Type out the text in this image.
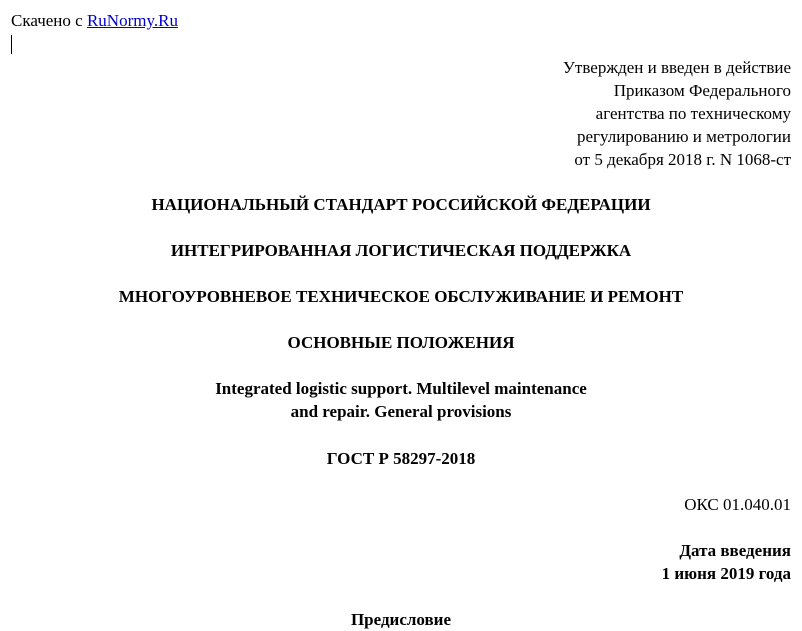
Скачено с RuNormy.Ru
Утвержден и введен в действие
Приказом Федерального
агентства по техническому
регулированию и метрологии
от 5 декабря 2018 г. N 1068-ст
НАЦИОНАЛЬНЫЙ СТАНДАРТ РОССИЙСКОЙ ФЕДЕРАЦИИ
ИНТЕГРИРОВАННАЯ ЛОГИСТИЧЕСКАЯ ПОДДЕРЖКА
МНОГОУРОВНЕВОЕ ТЕХНИЧЕСКОЕ ОБСЛУЖИВАНИЕ И РЕМОНТ
ОСНОВНЫЕ ПОЛОЖЕНИЯ
Integrated logistic support. Multilevel maintenance
and repair. General provisions
ГОСТ Р 58297-2018
ОКС 01.040.01
Дата введения
1 июня 2019 года
Предисловие
